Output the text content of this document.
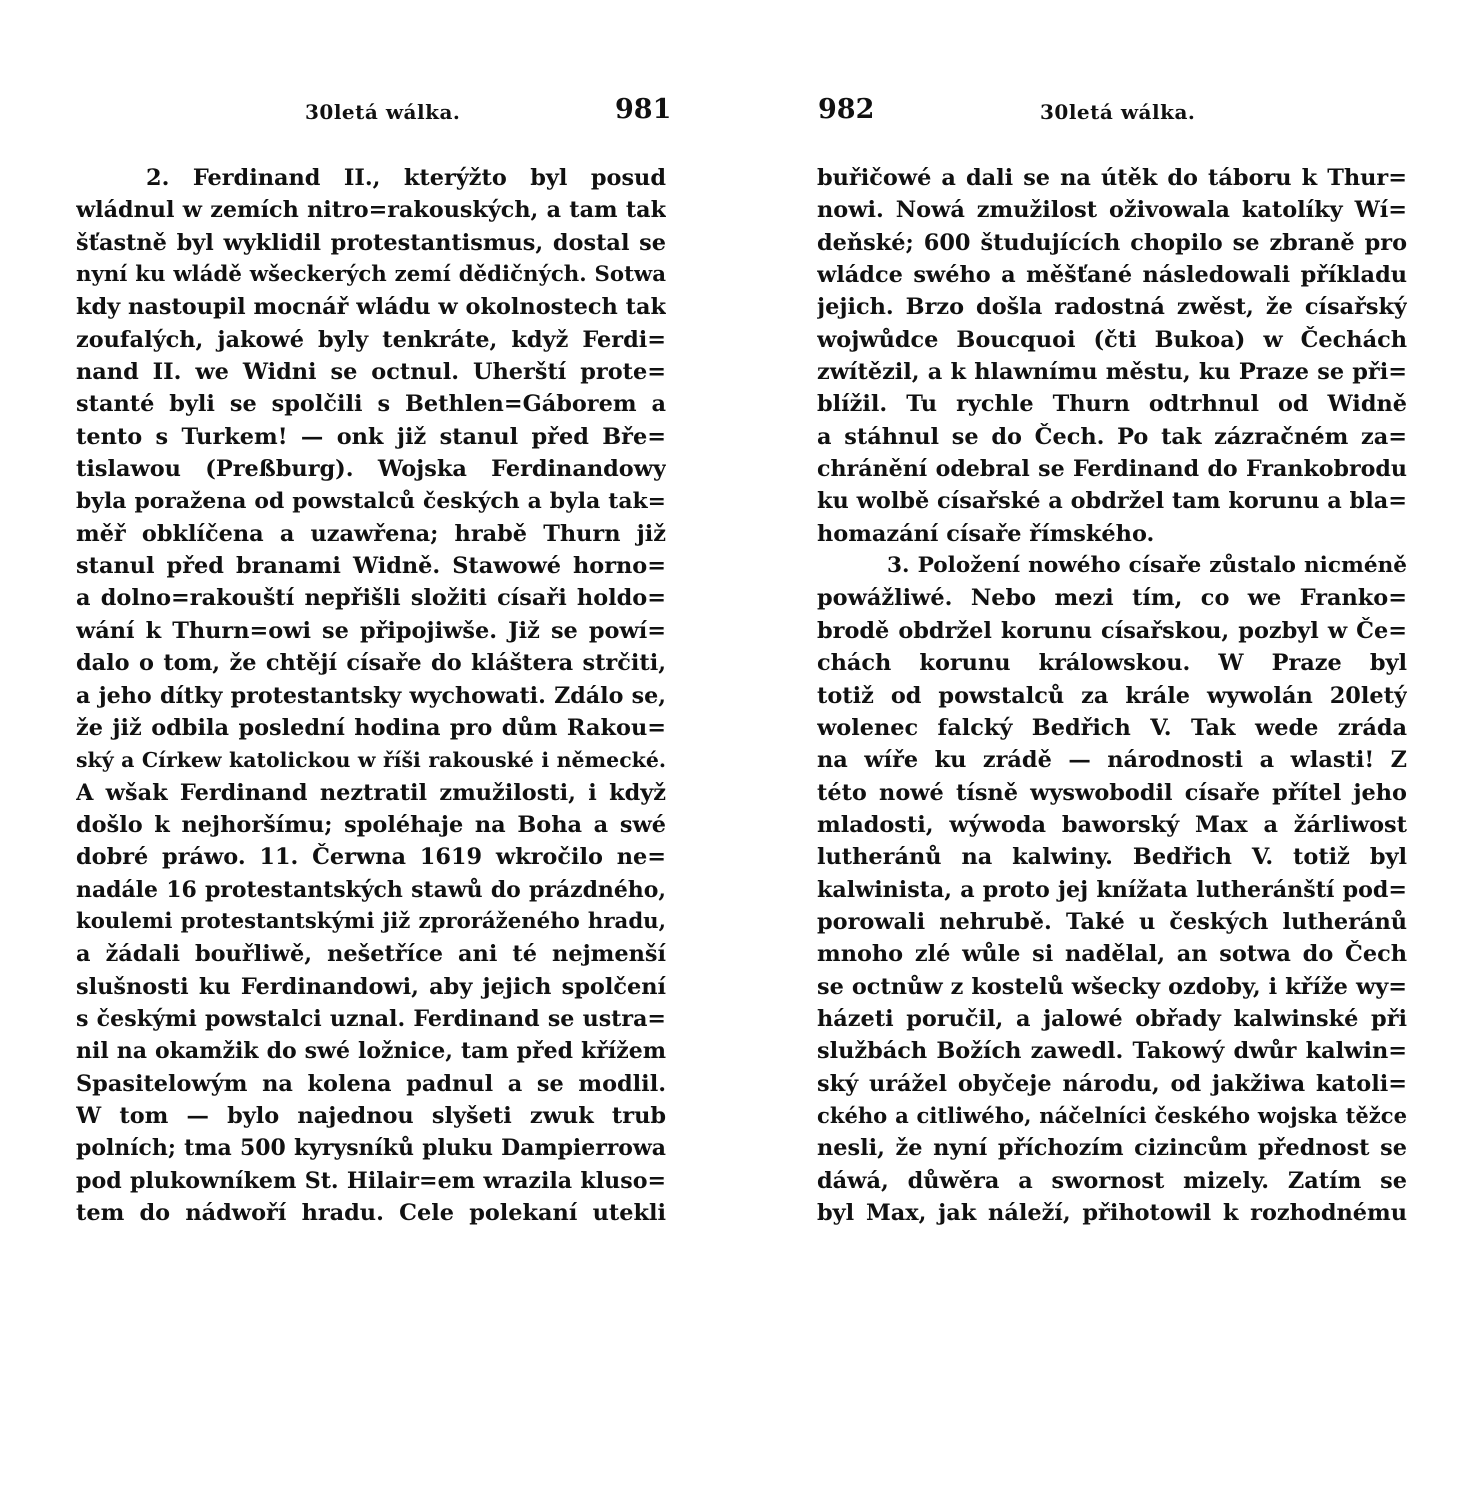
30letá wálka.	981
2. Ferdinand II., kterýžto byl posud
wládnul w zemích nitro=rakouských, a tam tak
šťastně byl wyklidil protestantismus, dostal se
nyní ku wládě wšeckerých zemí dědičných. Sotwa
kdy nastoupil mocnář wládu w okolnostech tak
zoufalých, jakowé byly tenkráte, když Ferdi=
nand II. we Widni se octnul. Uherští prote=
stanté byli se spolčili s Bethlen=Gáborem a
tento s Turkem! — onk již stanul před Bře=
tislawou (Preßburg). Wojska Ferdinandowy
byla poražena od powstalců českých a byla tak=
měř obklíčena a uzawřena; hrabě Thurn již
stanul před branami Widně. Stawowé horno=
a dolno=rakouští nepřišli složiti císaři holdo=
wání k Thurn=owi se připojiwše. Již se powí=
dalo o tom, že chtějí císaře do kláštera strčiti,
a jeho dítky protestantsky wychowati. Zdálo se,
že již odbila poslední hodina pro dům Rakou=
ský a Církew katolickou w říši rakouské i německé.
A wšak Ferdinand neztratil zmužilosti, i když
došlo k nejhoršímu; spoléhaje na Boha a swé
dobré práwo. 11. Čerwna 1619 wkročilo ne=
nadále 16 protestantských stawů do prázdného,
koulemi protestantskými již zproráženého hradu,
a žádali bouřliwě, nešetříce ani té nejmenší
slušnosti ku Ferdinandowi, aby jejich spolčení
s českými powstalci uznal. Ferdinand se ustra=
nil na okamžik do swé ložnice, tam před křížem
Spasitelowým na kolena padnul a se modlil.
W tom — bylo najednou slyšeti zwuk trub
polních; tma 500 kyrysníků pluku Dampierrowa
pod plukowníkem St. Hilair=em wrazila kluso=
tem do nádwoří hradu. Cele polekaní utekli
982	30letá wálka.
buřičowé a dali se na útěk do táboru k Thur=
nowi. Nowá zmužilost oživowala katolíky Wí=
deňské; 600 študujících chopilo se zbraně pro
wládce swého a měšťané následowali příkladu
jejich. Brzo došla radostná zwěst, že císařský
wojwůdce Boucquoi (čti Bukoa) w Čechách
zwítězil, a k hlawnímu městu, ku Praze se při=
blížil. Tu rychle Thurn odtrhnul od Widně
a stáhnul se do Čech. Po tak zázračném za=
chránění odebral se Ferdinand do Frankobrodu
ku wolbě císařské a obdržel tam korunu a bla=
homazání císaře římského.
3. Položení nowého císaře zůstalo nicméně
powážliwé. Nebo mezi tím, co we Franko=
brodě obdržel korunu císařskou, pozbyl w Če=
chách korunu králowskou. W Praze byl
totiž od powstalců za krále wywolán 20letý
wolenec falcký Bedřich V. Tak wede zráda
na wíře ku zrádě — národnosti a wlasti! Z
této nowé tísně wyswobodil císaře přítel jeho
mladosti, wýwoda baworský Max a žárliwost
lutheránů na kalwiny. Bedřich V. totiž byl
kalwinista, a proto jej knížata lutheránští pod=
porowali nehrubě. Také u českých lutheránů
mnoho zlé wůle si nadělal, an sotwa do Čech
se octnůw z kostelů wšecky ozdoby, i kříže wy=
házeti poručil, a jalowé obřady kalwinské při
službách Božích zawedl. Takowý dwůr kalwin=
ský urážel obyčeje národu, od jakžiwa katoli=
ckého a citliwého, náčelníci českého wojska těžce
nesli, že nyní příchozím cizincům přednost se
dáwá, důwěra a swornost mizely. Zatím se
byl Max, jak náleží, přihotowil k rozhodnému
